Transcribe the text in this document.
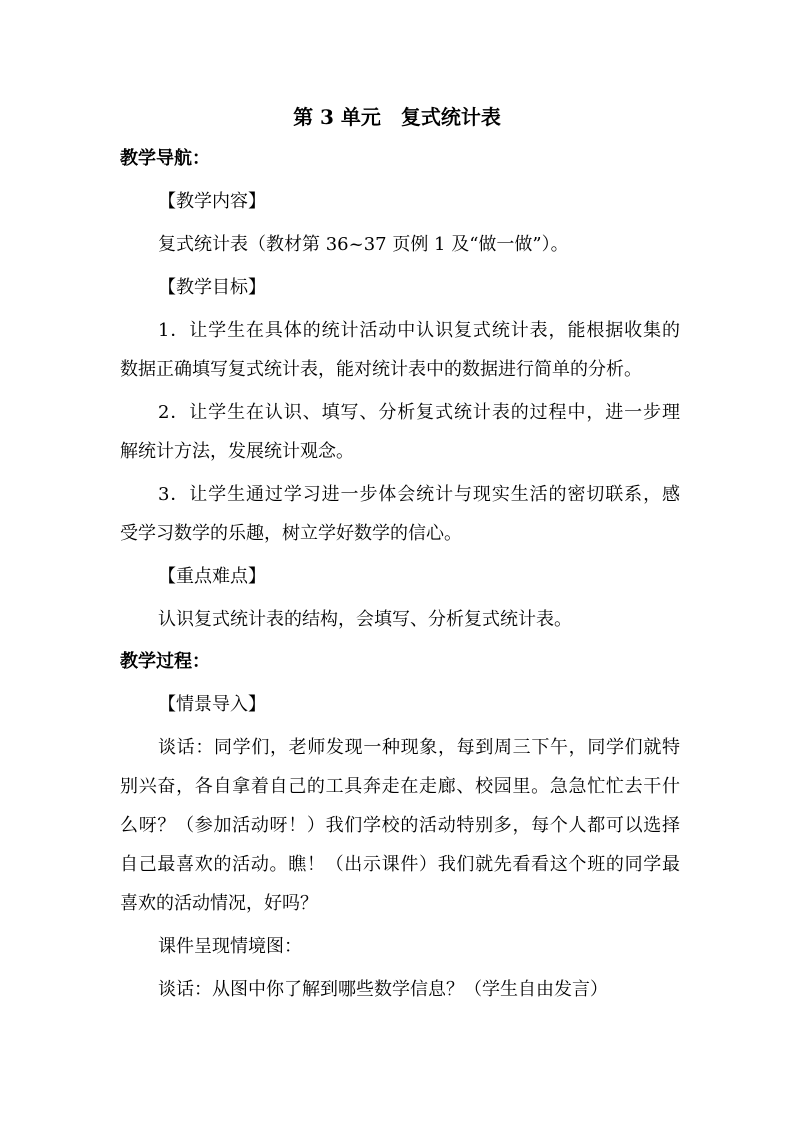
第 3 单元　复式统计表
教学导航：
【教学内容】
复式统计表（教材第 36~37 页例 1 及“做一做”）。
【教学目标】
1．让学生在具体的统计活动中认识复式统计表，能根据收集的
数据正确填写复式统计表，能对统计表中的数据进行简单的分析。
2．让学生在认识、填写、分析复式统计表的过程中，进一步理
解统计方法，发展统计观念。
3．让学生通过学习进一步体会统计与现实生活的密切联系，感
受学习数学的乐趣，树立学好数学的信心。
【重点难点】
认识复式统计表的结构，会填写、分析复式统计表。
教学过程：
【情景导入】
谈话：同学们，老师发现一种现象，每到周三下午，同学们就特
别兴奋，各自拿着自己的工具奔走在走廊、校园里。急急忙忙去干什
么呀？（参加活动呀！）我们学校的活动特别多，每个人都可以选择
自己最喜欢的活动。瞧！（出示课件）我们就先看看这个班的同学最
喜欢的活动情况，好吗？
课件呈现情境图：
谈话：从图中你了解到哪些数学信息？（学生自由发言）
